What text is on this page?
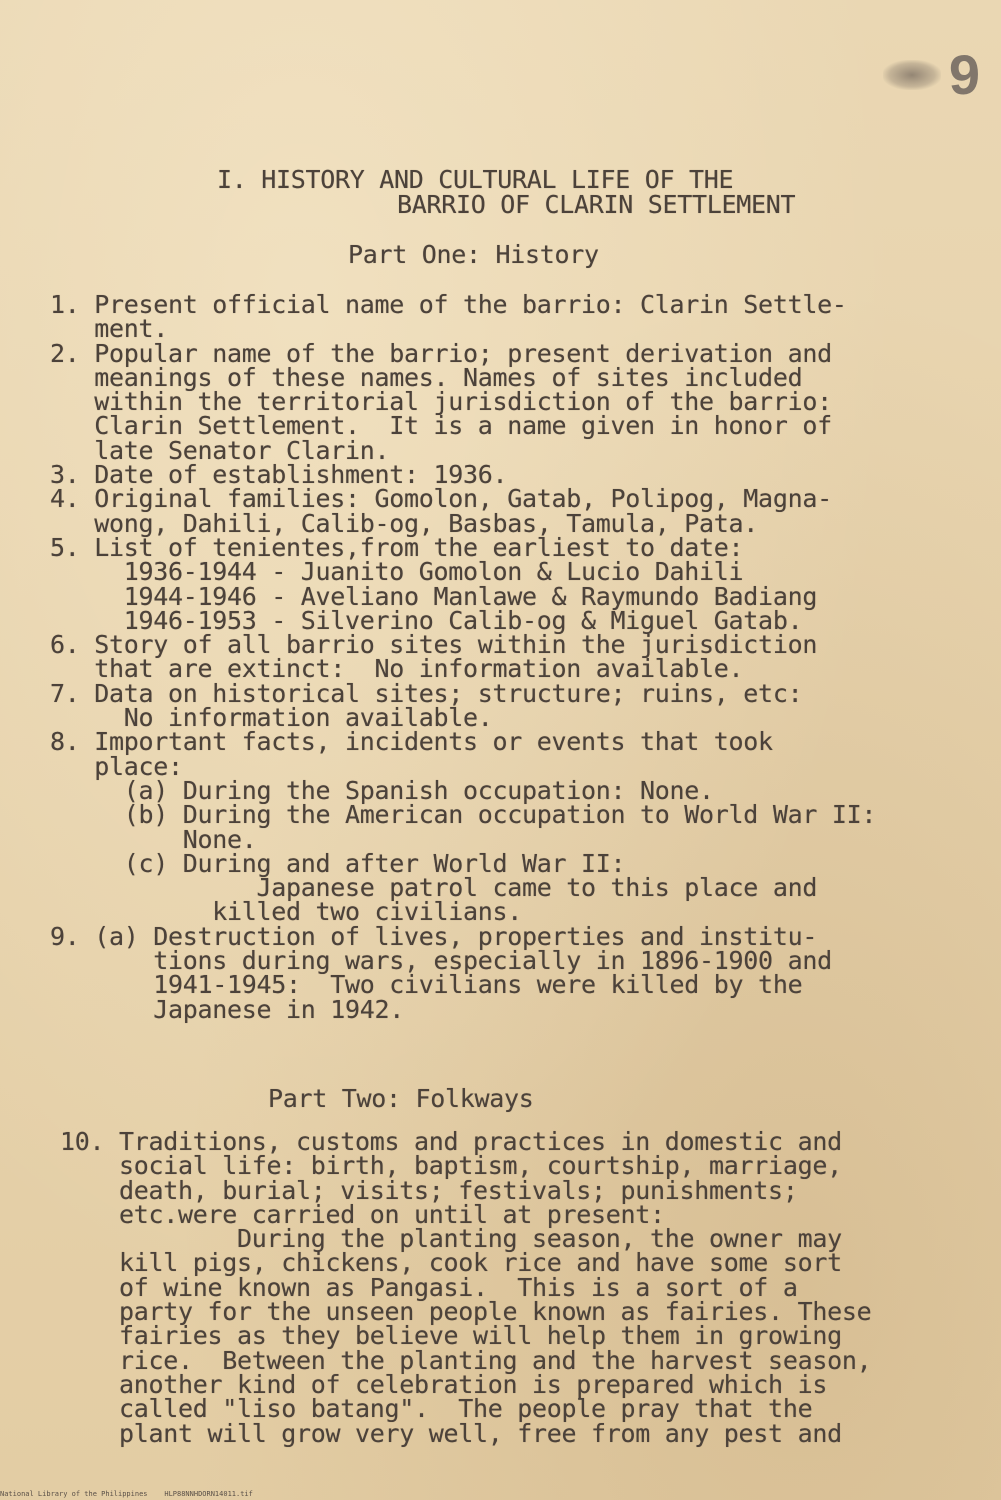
9
I. HISTORY AND CULTURAL LIFE OF THE
BARRIO OF CLARIN SETTLEMENT
Part One: History
1. Present official name of the barrio: Clarin Settle-
ment.
2. Popular name of the barrio; present derivation and
meanings of these names. Names of sites included
within the territorial jurisdiction of the barrio:
Clarin Settlement.  It is a name given in honor of
late Senator Clarin.
3. Date of establishment: 1936.
4. Original families: Gomolon, Gatab, Polipog, Magna-
wong, Dahili, Calib-og, Basbas, Tamula, Pata.
5. List of tenientes,from the earliest to date:
1936-1944 - Juanito Gomolon & Lucio Dahili
1944-1946 - Aveliano Manlawe & Raymundo Badiang
1946-1953 - Silverino Calib-og & Miguel Gatab.
6. Story of all barrio sites within the jurisdiction
that are extinct:  No information available.
7. Data on historical sites; structure; ruins, etc:
No information available.
8. Important facts, incidents or events that took
place:
(a) During the Spanish occupation: None.
(b) During the American occupation to World War II:
None.
(c) During and after World War II:
Japanese patrol came to this place and
killed two civilians.
9. (a) Destruction of lives, properties and institu-
tions during wars, especially in 1896-1900 and
1941-1945:  Two civilians were killed by the
Japanese in 1942.
Part Two: Folkways
10. Traditions, customs and practices in domestic and
social life: birth, baptism, courtship, marriage,
death, burial; visits; festivals; punishments;
etc.were carried on until at present:
During the planting season, the owner may
kill pigs, chickens, cook rice and have some sort
of wine known as Pangasi.  This is a sort of a
party for the unseen people known as fairies. These
fairies as they believe will help them in growing
rice.  Between the planting and the harvest season,
another kind of celebration is prepared which is
called "liso batang".  The people pray that the
plant will grow very well, free from any pest and
National Library of the Philippines    HLP88NNHDORN14011.tif
